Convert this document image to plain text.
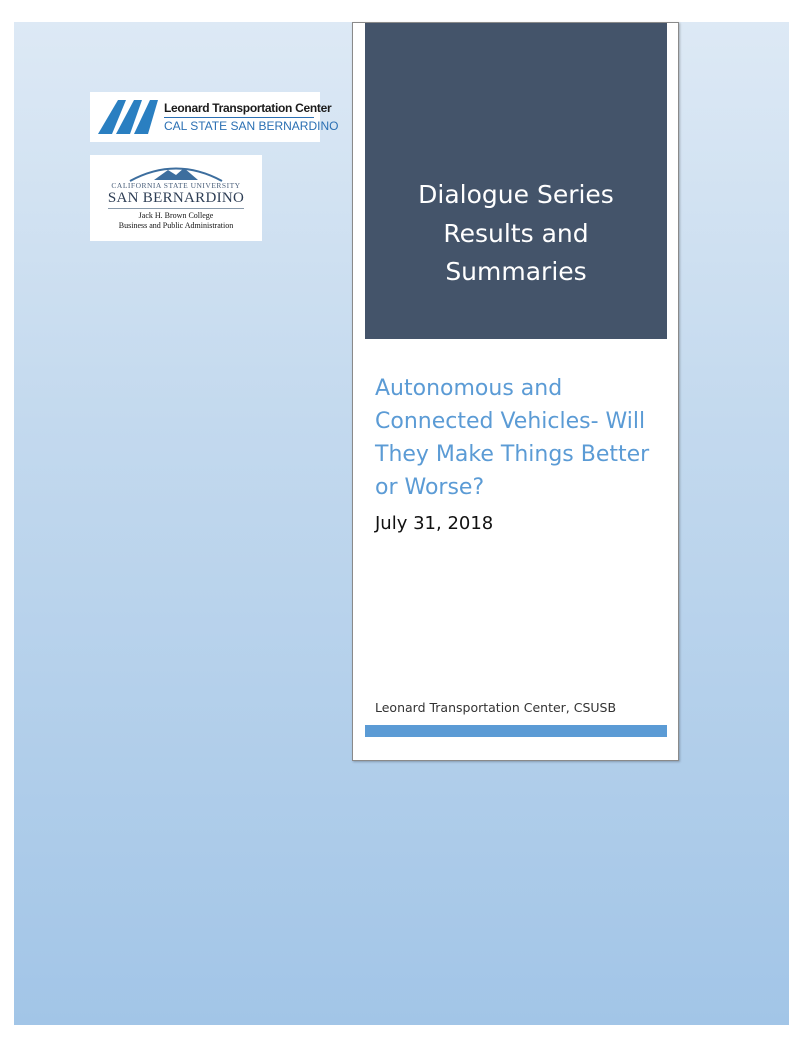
Leonard Transportation Center
CAL STATE SAN BERNARDINO
CALIFORNIA STATE UNIVERSITY
SAN BERNARDINO
Jack H. Brown College
Business and Public Administration
Dialogue Series
Results and
Summaries
Autonomous and
Connected Vehicles- Will
They Make Things Better
or Worse?
July 31, 2018
Leonard Transportation Center, CSUSB
